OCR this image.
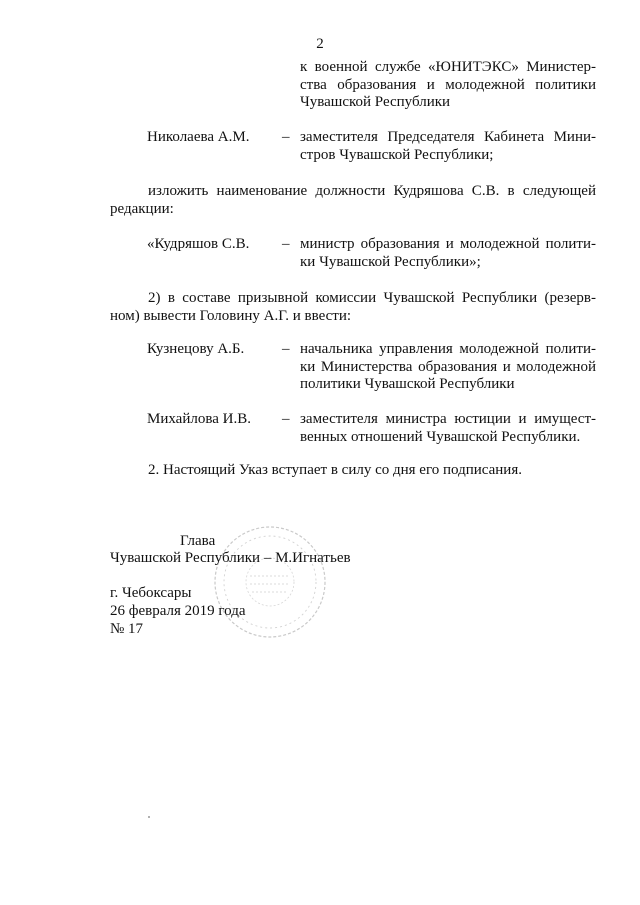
2
к военной службе «ЮНИТЭКС» Министер-
ства образования и молодежной политики
Чувашской Республики
Николаева А.М. – заместителя Председателя Кабинета Мини-
стров Чувашской Республики;
изложить наименование должности Кудряшова С.В. в следующей
редакции:
«Кудряшов С.В. – министр образования и молодежной полити-
ки Чувашской Республики»;
2) в составе призывной комиссии Чувашской Республики (резерв-
ном) вывести Головину А.Г. и ввести:
Кузнецову А.Б.	– начальника управления молодежной полити-
ки Министерства образования и молодежной
политики Чувашской Республики
Михайлова И.В. – заместителя министра юстиции и имущест-
венных отношений Чувашской Республики.
2. Настоящий Указ вступает в силу со дня его подписания.
Глава
Чувашской Республики – М.Игнатьев
г. Чебоксары
26 февраля 2019 года
№ 17
